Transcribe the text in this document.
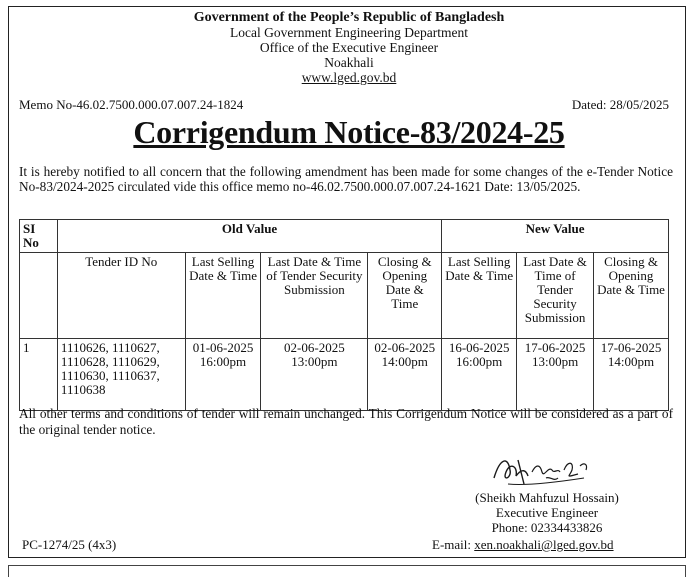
Government of the People’s Republic of Bangladesh
Local Government Engineering Department
Office of the Executive Engineer
Noakhali
www.lged.gov.bd
Memo No-46.02.7500.000.07.007.24-1824	Dated: 28/05/2025
Corrigendum Notice-83/2024-25
It is hereby notified to all concern that the following amendment has been made for some changes of the e-Tender Notice No-83/2024-2025 circulated vide this office memo no-46.02.7500.000.07.007.24-1621 Date: 13/05/2025.
SI No	Old Value				New Value		
	Tender ID No	Last Selling Date & Time	Last Date & Time of Tender Security Submission	Closing & Opening Date & Time	Last Selling Date & Time	Last Date & Time of Tender Security Submission	Closing & Opening Date & Time
1	1110626, 1110627, 1110628, 1110629, 1110630, 1110637, 1110638	01-06-2025 16:00pm	02-06-2025 13:00pm	02-06-2025 14:00pm	16-06-2025 16:00pm	17-06-2025 13:00pm	17-06-2025 14:00pm
All other terms and conditions of tender will remain unchanged. This Corrigendum Notice will be considered as a part of the original tender notice.
(Sheikh Mahfuzul Hossain)
Executive Engineer
Phone: 02334433826
E-mail: xen.noakhali@lged.gov.bd
PC-1274/25 (4x3)
